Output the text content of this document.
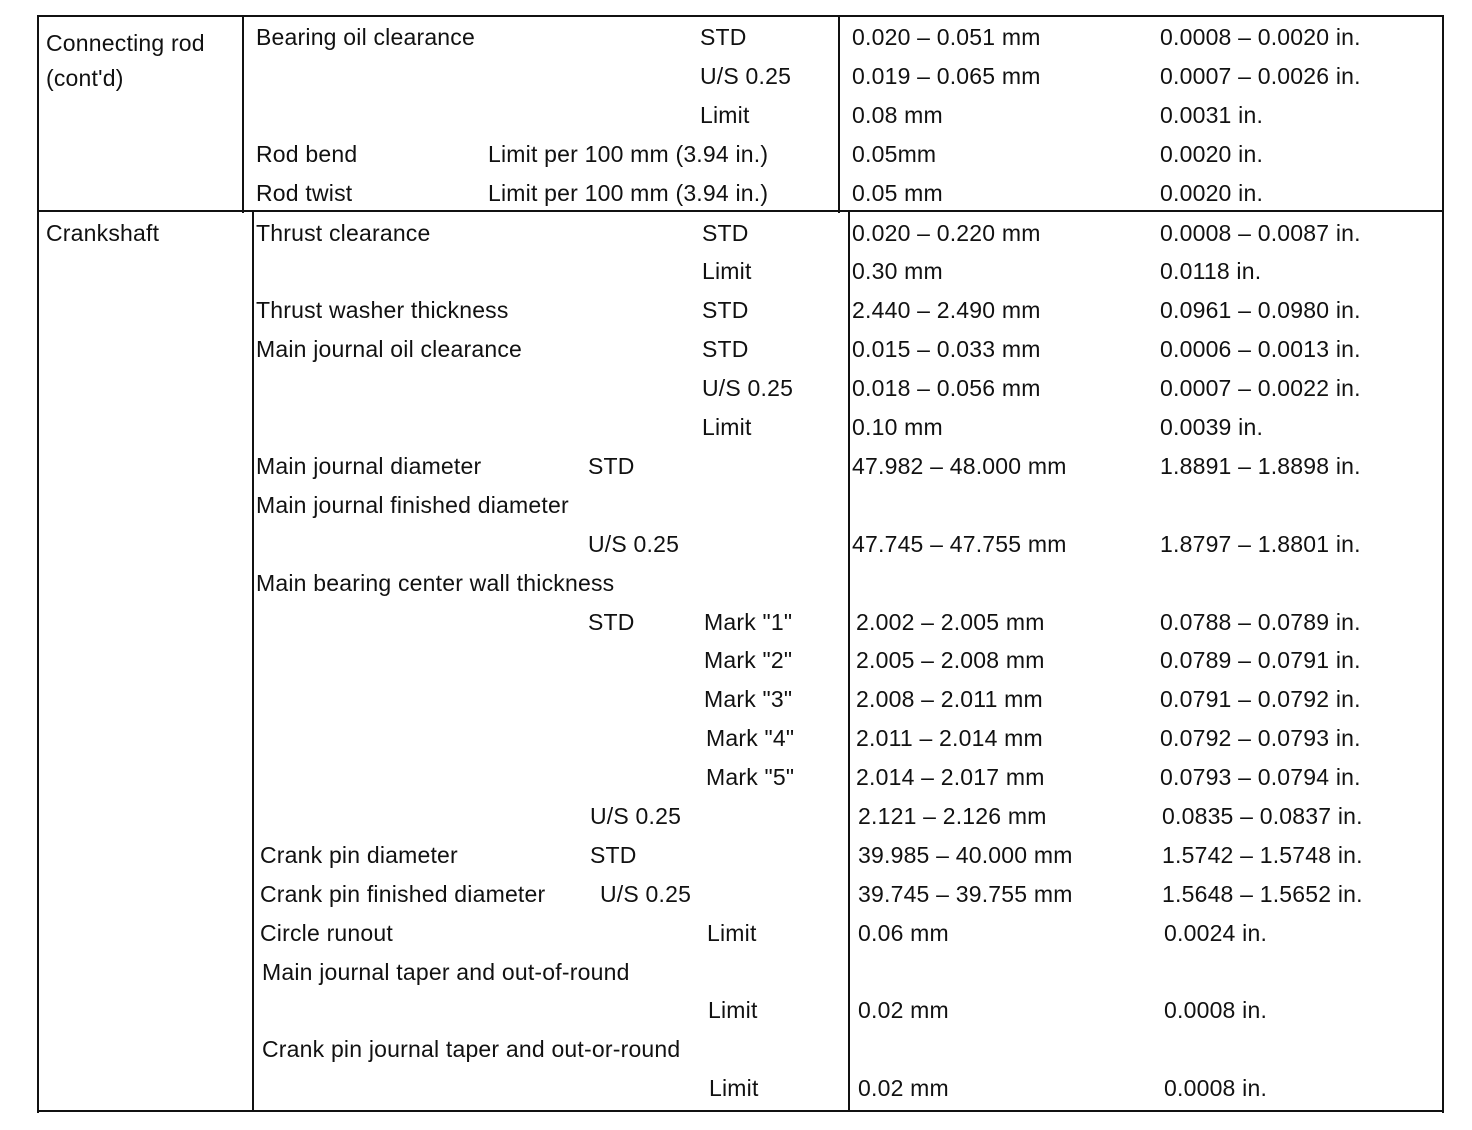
Connecting rod
(cont'd)
Bearing oil clearance	STD	0.020 – 0.051 mm	0.0008 – 0.0020 in.
U/S 0.25	0.019 – 0.065 mm	0.0007 – 0.0026 in.
Limit	0.08 mm	0.0031 in.
Rod bend	Limit per 100 mm (3.94 in.)	0.05mm	0.0020 in.
Rod twist	Limit per 100 mm (3.94 in.)	0.05 mm	0.0020 in.
Crankshaft	Thrust clearance	STD	0.020 – 0.220 mm	0.0008 – 0.0087 in.
Limit	0.30 mm	0.0118 in.
Thrust washer thickness	STD	2.440 – 2.490 mm	0.0961 – 0.0980 in.
Main journal oil clearance	STD	0.015 – 0.033 mm	0.0006 – 0.0013 in.
U/S 0.25	0.018 – 0.056 mm	0.0007 – 0.0022 in.
Limit	0.10 mm	0.0039 in.
Main journal diameter	STD	47.982 – 48.000 mm	1.8891 – 1.8898 in.
Main journal finished diameter
U/S 0.25	47.745 – 47.755 mm	1.8797 – 1.8801 in.
Main bearing center wall thickness
STD	Mark "1"	2.002 – 2.005 mm	0.0788 – 0.0789 in.
Mark "2"	2.005 – 2.008 mm	0.0789 – 0.0791 in.
Mark "3"	2.008 – 2.011 mm	0.0791 – 0.0792 in.
Mark "4"	2.011 – 2.014 mm	0.0792 – 0.0793 in.
Mark "5"	2.014 – 2.017 mm	0.0793 – 0.0794 in.
U/S 0.25	2.121 – 2.126 mm	0.0835 – 0.0837 in.
Crank pin diameter	STD	39.985 – 40.000 mm	1.5742 – 1.5748 in.
Crank pin finished diameter U/S 0.25	39.745 – 39.755 mm	1.5648 – 1.5652 in.
Circle runout	Limit	0.06 mm	0.0024 in.
Main journal taper and out-of-round
Limit	0.02 mm	0.0008 in.
Crank pin journal taper and out-or-round
Limit	0.02 mm	0.0008 in.
